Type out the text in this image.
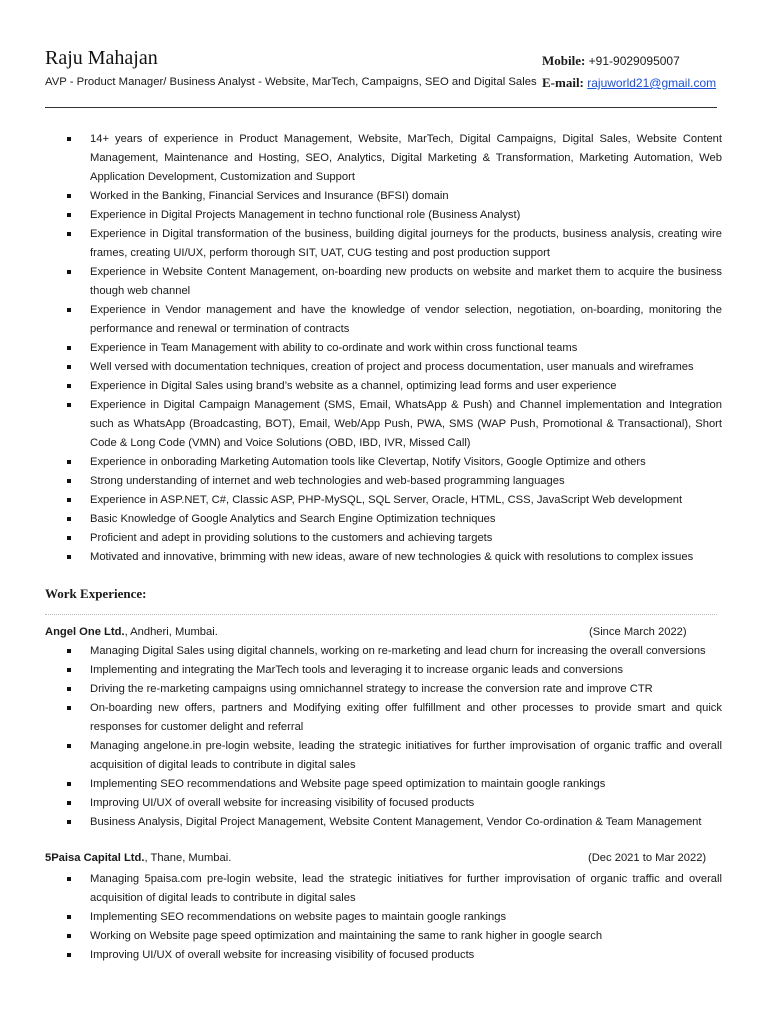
Raju Mahajan	Mobile: +91-9029095007
AVP - Product Manager/ Business Analyst - Website, MarTech, Campaigns, SEO and Digital Sales E-mail: rajuworld21@gmail.com
14+ years of experience in Product Management, Website, MarTech, Digital Campaigns, Digital Sales, Website Content Management, Maintenance and Hosting, SEO, Analytics, Digital Marketing & Transformation, Marketing Automation, Web Application Development, Customization and Support
Worked in the Banking, Financial Services and Insurance (BFSI) domain
Experience in Digital Projects Management in techno functional role (Business Analyst)
Experience in Digital transformation of the business, building digital journeys for the products, business analysis, creating wire frames, creating UI/UX, perform thorough SIT, UAT, CUG testing and post production support
Experience in Website Content Management, on-boarding new products on website and market them to acquire the business though web channel
Experience in Vendor management and have the knowledge of vendor selection, negotiation, on-boarding, monitoring the performance and renewal or termination of contracts
Experience in Team Management with ability to co-ordinate and work within cross functional teams
Well versed with documentation techniques, creation of project and process documentation, user manuals and wireframes
Experience in Digital Sales using brand’s website as a channel, optimizing lead forms and user experience
Experience in Digital Campaign Management (SMS, Email, WhatsApp & Push) and Channel implementation and Integration such as WhatsApp (Broadcasting, BOT), Email, Web/App Push, PWA, SMS (WAP Push, Promotional & Transactional), Short Code & Long Code (VMN) and Voice Solutions (OBD, IBD, IVR, Missed Call)
Experience in onborading Marketing Automation tools like Clevertap, Notify Visitors, Google Optimize and others
Strong understanding of internet and web technologies and web-based programming languages
Experience in ASP.NET, C#, Classic ASP, PHP-MySQL, SQL Server, Oracle, HTML, CSS, JavaScript Web development
Basic Knowledge of Google Analytics and Search Engine Optimization techniques
Proficient and adept in providing solutions to the customers and achieving targets
Motivated and innovative, brimming with new ideas, aware of new technologies & quick with resolutions to complex issues
Work Experience:
Angel One Ltd., Andheri, Mumbai.	(Since March 2022)
Managing Digital Sales using digital channels, working on re-marketing and lead churn for increasing the overall conversions
Implementing and integrating the MarTech tools and leveraging it to increase organic leads and conversions
Driving the re-marketing campaigns using omnichannel strategy to increase the conversion rate and improve CTR
On-boarding new offers, partners and Modifying exiting offer fulfillment and other processes to provide smart and quick responses for customer delight and referral
Managing angelone.in pre-login website, leading the strategic initiatives for further improvisation of organic traffic and overall acquisition of digital leads to contribute in digital sales
Implementing SEO recommendations and Website page speed optimization to maintain google rankings
Improving UI/UX of overall website for increasing visibility of focused products
Business Analysis, Digital Project Management, Website Content Management, Vendor Co-ordination & Team Management
5Paisa Capital Ltd., Thane, Mumbai.	(Dec 2021 to Mar 2022)
Managing 5paisa.com pre-login website, lead the strategic initiatives for further improvisation of organic traffic and overall acquisition of digital leads to contribute in digital sales
Implementing SEO recommendations on website pages to maintain google rankings
Working on Website page speed optimization and maintaining the same to rank higher in google search
Improving UI/UX of overall website for increasing visibility of focused products
